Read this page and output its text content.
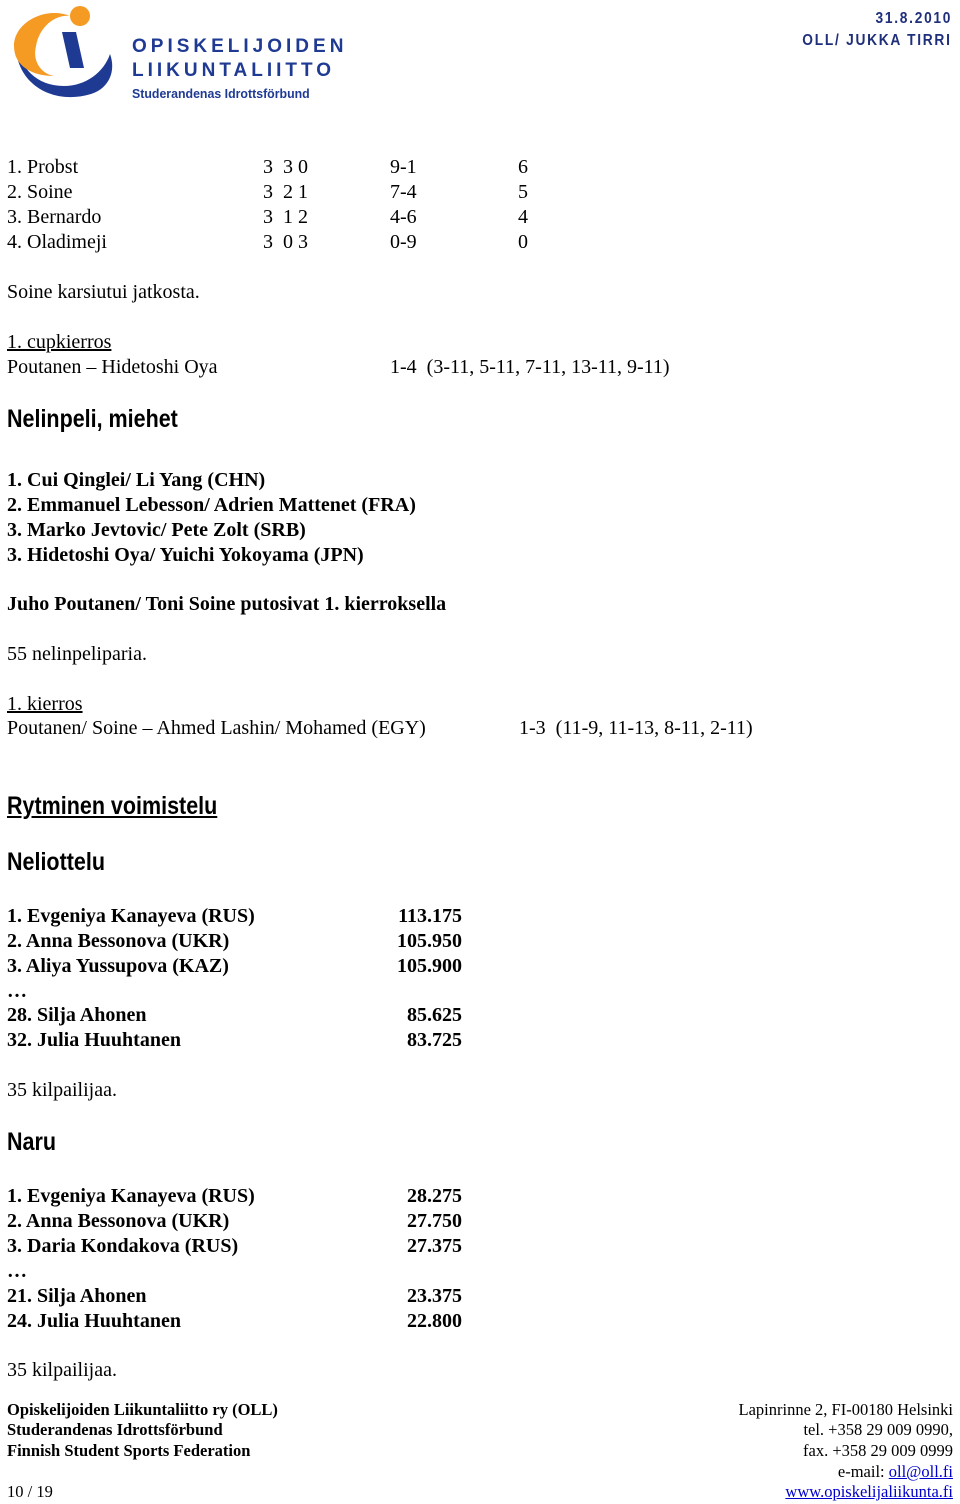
OPISKELIJOIDEN
LIIKUNTALIITTO
Studerandenas Idrottsförbund
31.8.2010
OLL/ JUKKA TIRRI
1. Probst	3  3 0	9-1	6
2. Soine	3  2 1	7-4	5
3. Bernardo	3  1 2	4-6	4
4. Oladimeji	3  0 3	0-9	0
Soine karsiutui jatkosta.
1. cupkierros
Poutanen – Hidetoshi Oya	1-4  (3-11, 5-11, 7-11, 13-11, 9-11)
Nelinpeli, miehet
1. Cui Qinglei/ Li Yang (CHN)
2. Emmanuel Lebesson/ Adrien Mattenet (FRA)
3. Marko Jevtovic/ Pete Zolt (SRB)
3. Hidetoshi Oya/ Yuichi Yokoyama (JPN)
Juho Poutanen/ Toni Soine putosivat 1. kierroksella
55 nelinpeliparia.
1. kierros
Poutanen/ Soine – Ahmed Lashin/ Mohamed (EGY)	1-3  (11-9, 11-13, 8-11, 2-11)
Rytminen voimistelu
Neliottelu
1. Evgeniya Kanayeva (RUS)	113.175
2. Anna Bessonova (UKR)	105.950
3. Aliya Yussupova (KAZ)	105.900
…
28. Silja Ahonen	85.625
32. Julia Huuhtanen	83.725
35 kilpailijaa.
Naru
1. Evgeniya Kanayeva (RUS)	28.275
2. Anna Bessonova (UKR)	27.750
3. Daria Kondakova (RUS)	27.375
…
21. Silja Ahonen	23.375
24. Julia Huuhtanen	22.800
35 kilpailijaa.
Opiskelijoiden Liikuntaliitto ry (OLL)
Studerandenas Idrottsförbund
Finnish Student Sports Federation
10 / 19
Lapinrinne 2, FI-00180 Helsinki
tel. +358 29 009 0990,
fax. +358 29 009 0999
e-mail: oll@oll.fi
www.opiskelijaliikunta.fi
